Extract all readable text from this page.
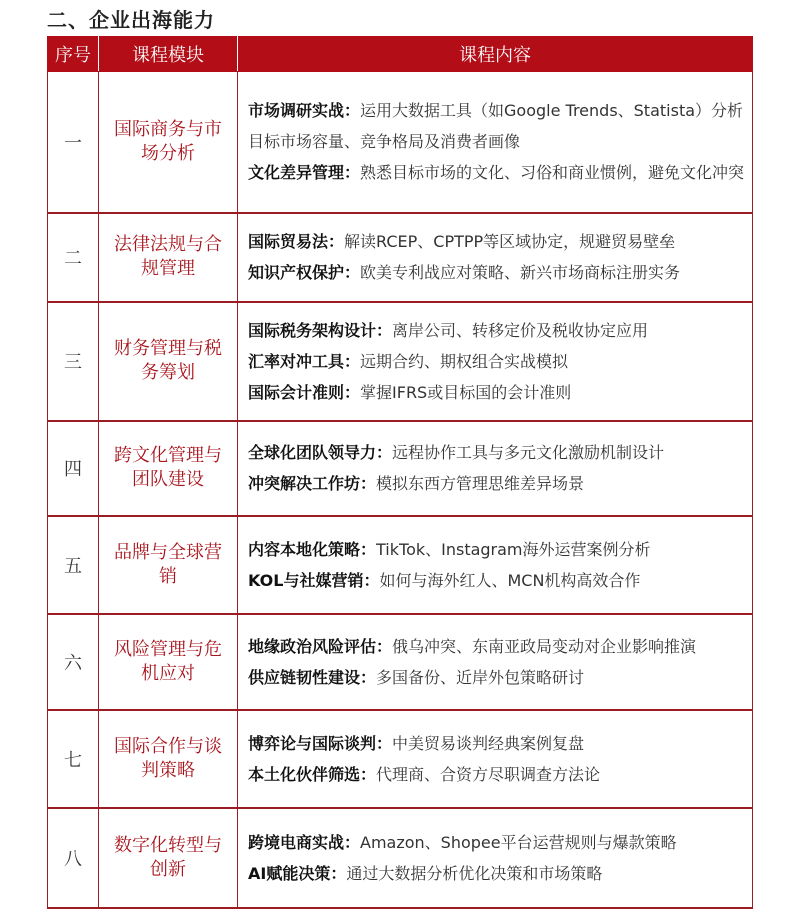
二、企业出海能力
序号	课程模块	课程内容
一	国际商务与市场分析	市场调研实战：运用大数据工具（如Google Trends、Statista）分析目标市场容量、竞争格局及消费者画像
文化差异管理：熟悉目标市场的文化、习俗和商业惯例，避免文化冲突

二	法律法规与合规管理	国际贸易法：解读RCEP、CPTPP等区域协定，规避贸易壁垒
知识产权保护：欧美专利战应对策略、新兴市场商标注册实务

三	财务管理与税务筹划	国际税务架构设计：离岸公司、转移定价及税收协定应用
汇率对冲工具：远期合约、期权组合实战模拟
国际会计准则：掌握IFRS或目标国的会计准则

四	跨文化管理与团队建设	全球化团队领导力：远程协作工具与多元文化激励机制设计
冲突解决工作坊：模拟东西方管理思维差异场景

五	品牌与全球营销	内容本地化策略：TikTok、Instagram海外运营案例分析
KOL与社媒营销：如何与海外红人、MCN机构高效合作

六	风险管理与危机应对	地缘政治风险评估：俄乌冲突、东南亚政局变动对企业影响推演
供应链韧性建设：多国备份、近岸外包策略研讨

七	国际合作与谈判策略	博弈论与国际谈判：中美贸易谈判经典案例复盘
本土化伙伴筛选：代理商、合资方尽职调查方法论

八	数字化转型与创新	跨境电商实战：Amazon、Shopee平台运营规则与爆款策略
AI赋能决策：通过大数据分析优化决策和市场策略
